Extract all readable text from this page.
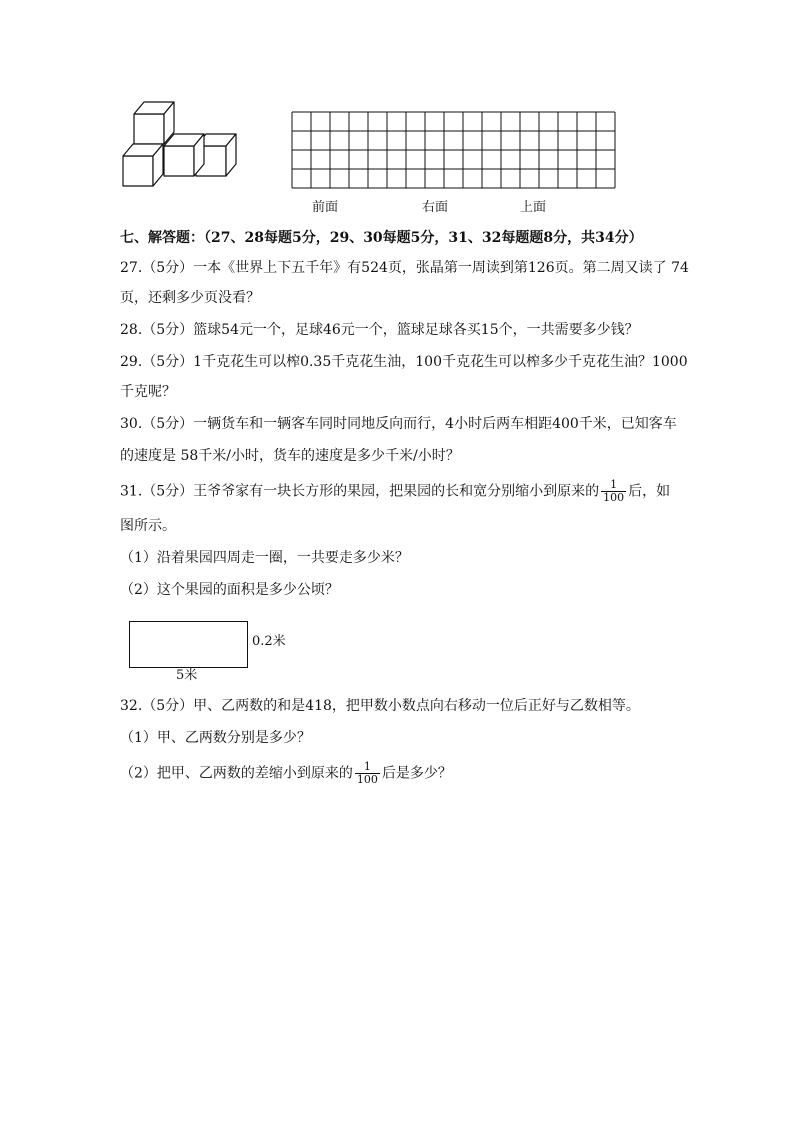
前面	右面	上面
七、解答题：（27、28每题5分，29、30每题5分，31、32每题题8分，共34分）
27.（5分）一本《世界上下五千年》有524页，张晶第一周读到第126页。第二周又读了 74
页，还剩多少页没看？
28.（5分）篮球54元一个，足球46元一个，篮球足球各买15个，一共需要多少钱？
29.（5分）1千克花生可以榨0.35千克花生油，100千克花生可以榨多少千克花生油？1000
千克呢？
30.（5分）一辆货车和一辆客车同时同地反向而行，4小时后两车相距400千米，已知客车
的速度是 58千米/小时，货车的速度是多少千米/小时？
31.（5分）王爷爷家有一块长方形的果园，把果园的长和宽分别缩小到原来的 $\frac{1}{100}$ 后，如
图所示。
（1）沿着果园四周走一圈，一共要走多少米？
（2）这个果园的面积是多少公顷？
0.2米
5米
32.（5分）甲、乙两数的和是418，把甲数小数点向右移动一位后正好与乙数相等。
（1）甲、乙两数分别是多少？
（2）把甲、乙两数的差缩小到原来的 $\frac{1}{100}$ 后是多少？
